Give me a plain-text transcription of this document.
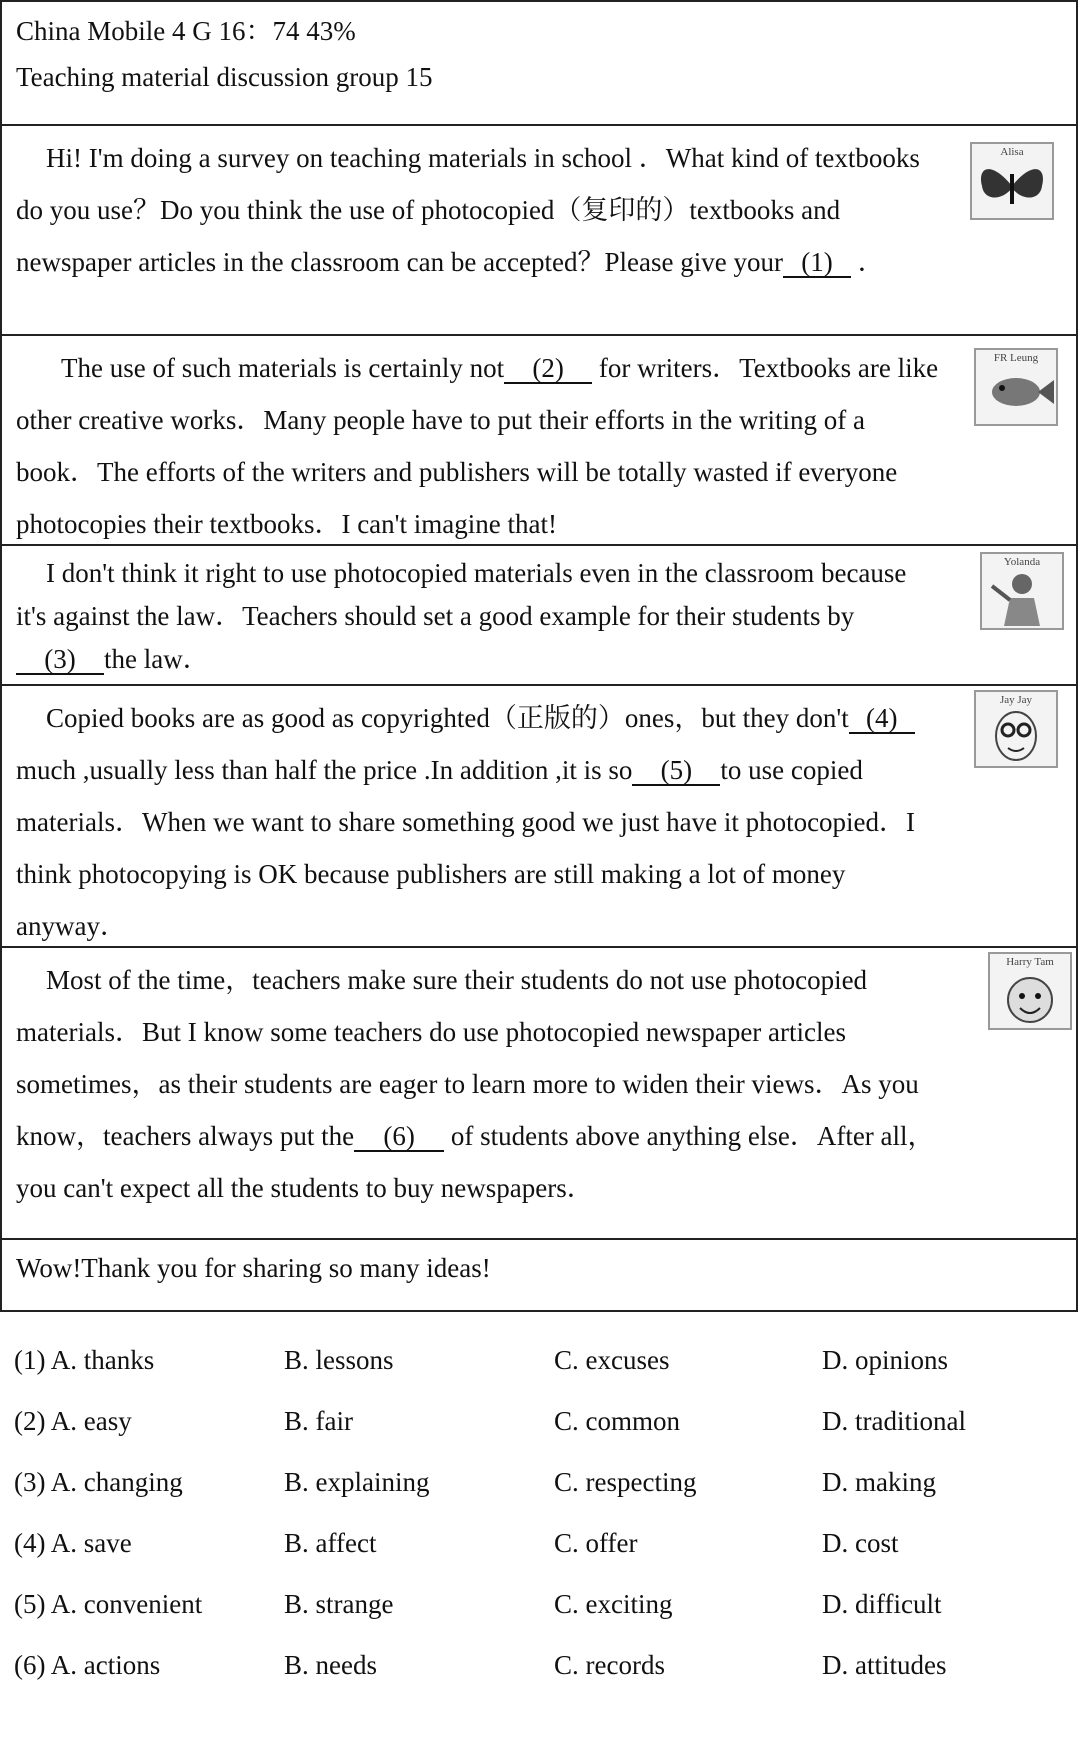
China Mobile 4 G 16：74 43%
Teaching material discussion group 15

Hi! I'm doing a survey on teaching materials in school ．What kind of textbooks do you use？Do you think the use of photocopied（复印的）textbooks and newspaper articles in the classroom can be accepted？Please give your (1) ．

Alisa

The use of such materials is certainly not (2) for writers．Textbooks are like other creative works．Many people have to put their efforts in the writing of a book．The efforts of the writers and publishers will be totally wasted if everyone photocopies their textbooks．I can't imagine that!

FR Leung

I don't think it right to use photocopied materials even in the classroom because it's against the law．Teachers should set a good example for their students by(3) the law．

Yolanda

Copied books are as good as copyrighted（正版的）ones，but they don't (4)much ,usually less than half the price .In addition ,it is so (5) to use copied materials．When we want to share something good we just have it photocopied．I think photocopying is OK because publishers are still making a lot of money anyway．

Jay Jay

Most of the time，teachers make sure their students do not use photocopied materials．But I know some teachers do use photocopied newspaper articles sometimes，as their students are eager to learn more to widen their views．As you know，teachers always put the (6) of students above anything else．After all，you can't expect all the students to buy newspapers．

Harry Tam
Wow!Thank you for sharing so many ideas!
(1) A. thanks	B. lessons	C. excuses	D. opinions
(2) A. easy	B. fair	C. common	D. traditional
(3) A. changing	B. explaining	C. respecting	D. making
(4) A. save	B. affect	C. offer	D. cost
(5) A. convenient	B. strange	C. exciting	D. difficult
(6) A. actions	B. needs	C. records	D. attitudes
